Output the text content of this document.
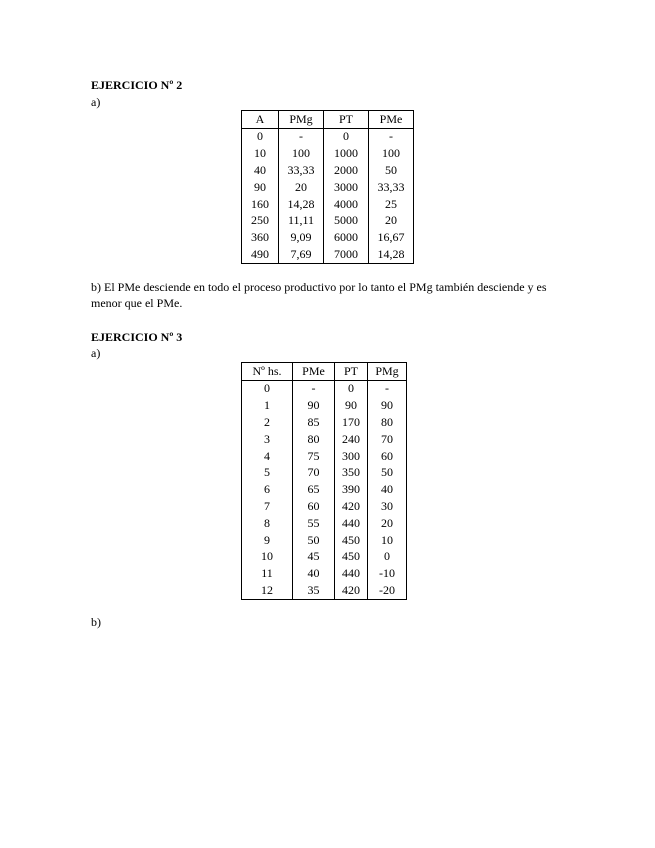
EJERCICIO Nº 2
a)
A	PMg	PT	PMe
0	-	0	-
10	100	1000	100
40	33,33	2000	50
90	20	3000	33,33
160	14,28	4000	25
250	11,11	5000	20
360	9,09	6000	16,67
490	7,69	7000	14,28
b) El PMe desciende en todo el proceso productivo por lo tanto el PMg también desciende y es menor que el PMe.
EJERCICIO Nº 3
a)
Nº hs.	PMe	PT	PMg
0	-	0	-
1	90	90	90
2	85	170	80
3	80	240	70
4	75	300	60
5	70	350	50
6	65	390	40
7	60	420	30
8	55	440	20
9	50	450	10
10	45	450	0
11	40	440	-10
12	35	420	-20
b)
